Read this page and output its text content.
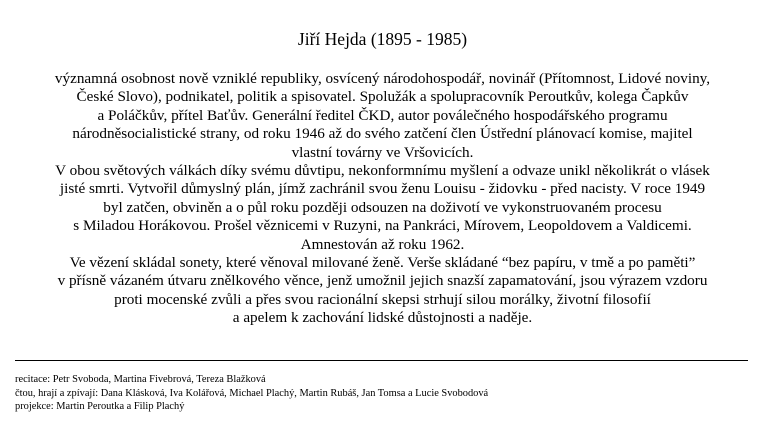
Jiří Hejda (1895 - 1985)
významná osobnost nově vzniklé republiky, osvícený národohospodář, novinář (Přítomnost, Lidové noviny,
České Slovo), podnikatel, politik a spisovatel. Spolužák a spolupracovník Peroutkův, kolega Čapkův
a Poláčkův, přítel Baťův. Generální ředitel ČKD, autor poválečného hospodářského programu
národněsocialistické strany, od roku 1946 až do svého zatčení člen Ústřední plánovací komise, majitel
vlastní továrny ve Vršovicích.
V obou světových válkách díky svému důvtipu, nekonformnímu myšlení a odvaze unikl několikrát o vlásek
jisté smrti. Vytvořil důmyslný plán, jímž zachránil svou ženu Louisu - židovku - před nacisty. V roce 1949
byl zatčen, obviněn a o půl roku později odsouzen na doživotí ve vykonstruovaném procesu
s Miladou Horákovou. Prošel věznicemi v Ruzyni, na Pankráci, Mírovem, Leopoldovem a Valdicemi.
Amnestován až roku 1962.
Ve vězení skládal sonety, které věnoval milované ženě. Verše skládané “bez papíru, v tmě a po paměti”
v přísně vázaném útvaru znělkového věnce, jenž umožnil jejich snazší zapamatování, jsou výrazem vzdoru
proti mocenské zvůli a přes svou racionální skepsi strhují silou morálky, životní filosofií
a apelem k zachování lidské důstojnosti a naděje.
recitace: Petr Svoboda, Martina Fivebrová, Tereza Blažková
čtou, hrají a zpívají: Dana Klásková, Iva Kolářová, Michael Plachý, Martin Rubáš, Jan Tomsa a Lucie Svobodová
projekce: Martin Peroutka a Filip Plachý
